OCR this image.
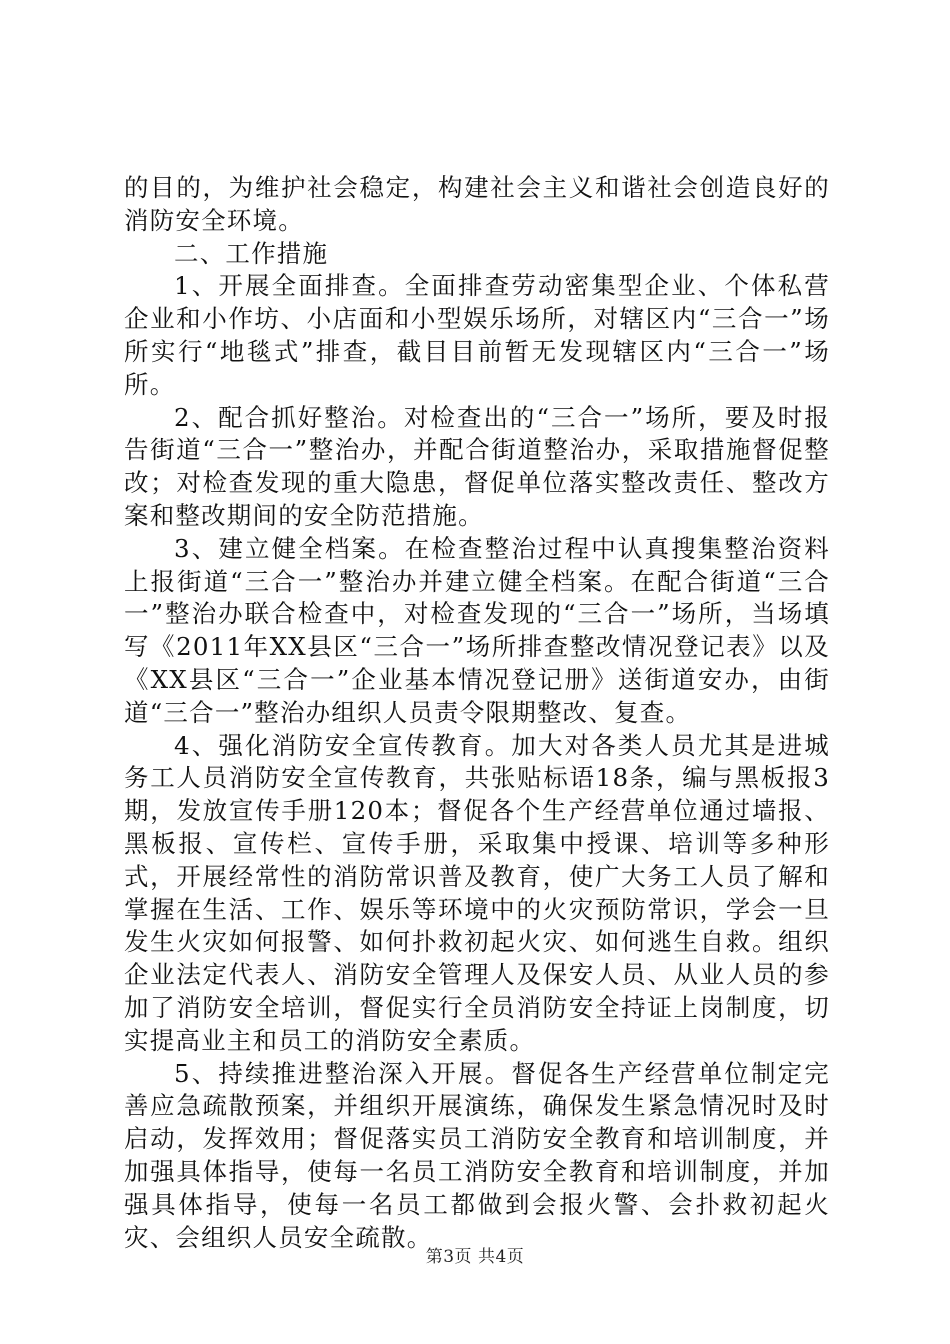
的目的，为维护社会稳定，构建社会主义和谐社会创造良好的消防安全环境。

二、工作措施

1、开展全面排查。全面排查劳动密集型企业、个体私营企业和小作坊、小店面和小型娱乐场所，对辖区内“三合一”场所实行“地毯式”排查，截目目前暂无发现辖区内“三合一”场所。

2、配合抓好整治。对检查出的“三合一”场所，要及时报告街道“三合一”整治办，并配合街道整治办，采取措施督促整改；对检查发现的重大隐患，督促单位落实整改责任、整改方案和整改期间的安全防范措施。

3、建立健全档案。在检查整治过程中认真搜集整治资料上报街道“三合一”整治办并建立健全档案。在配合街道“三合一”整治办联合检查中，对检查发现的“三合一”场所，当场填写《2011年XX县区“三合一”场所排查整改情况登记表》以及《XX县区“三合一”企业基本情况登记册》送街道安办，由街道“三合一”整治办组织人员责令限期整改、复查。

4、强化消防安全宣传教育。加大对各类人员尤其是进城务工人员消防安全宣传教育，共张贴标语18条，编与黑板报3期，发放宣传手册120本；督促各个生产经营单位通过墙报、黑板报、宣传栏、宣传手册，采取集中授课、培训等多种形式，开展经常性的消防常识普及教育，使广大务工人员了解和掌握在生活、工作、娱乐等环境中的火灾预防常识，学会一旦发生火灾如何报警、如何扑救初起火灾、如何逃生自救。组织企业法定代表人、消防安全管理人及保安人员、从业人员的参加了消防安全培训，督促实行全员消防安全持证上岗制度，切实提高业主和员工的消防安全素质。

5、持续推进整治深入开展。督促各生产经营单位制定完善应急疏散预案，并组织开展演练，确保发生紧急情况时及时启动，发挥效用；督促落实员工消防安全教育和培训制度，并加强具体指导，使每一名员工消防安全教育和培训制度，并加强具体指导，使每一名员工都做到会报火警、会扑救初起火灾、会组织人员安全疏散。

第3页 共4页
